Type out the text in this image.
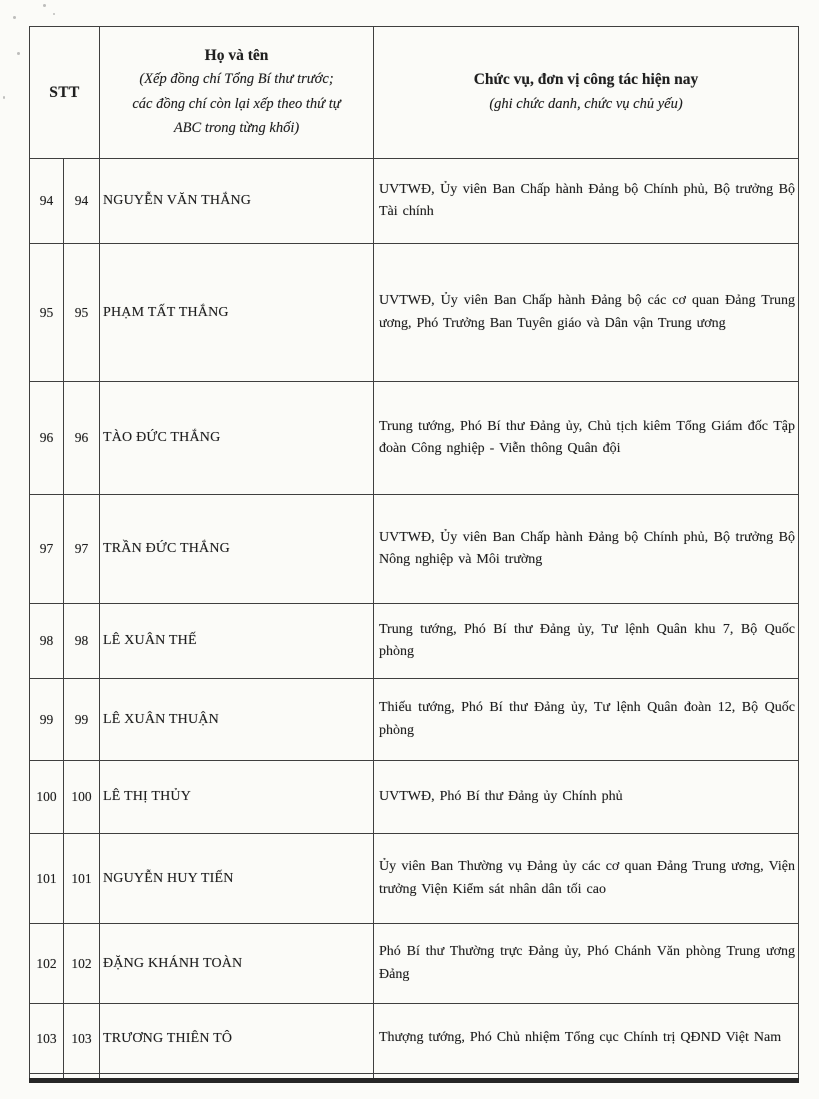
STT

Họ và tên
(Xếp đồng chí Tổng Bí thư trước;
các đồng chí còn lại xếp theo thứ tự
ABC trong từng khối)

Chức vụ, đơn vị công tác hiện nay
(ghi chức danh, chức vụ chủ yếu)

94	94	NGUYỄN VĂN THẮNG	UVTWĐ, Ủy viên Ban Chấp hành Đảng bộ Chính phủ, Bộ trưởng Bộ Tài chính
95	95	PHẠM TẤT THẮNG	UVTWĐ, Ủy viên Ban Chấp hành Đảng bộ các cơ quan Đảng Trung ương, Phó Trưởng Ban Tuyên giáo và Dân vận Trung ương
96	96	TÀO ĐỨC THẮNG	Trung tướng, Phó Bí thư Đảng ủy, Chủ tịch kiêm Tổng Giám đốc Tập đoàn Công nghiệp - Viễn thông Quân đội
97	97	TRẦN ĐỨC THẮNG	UVTWĐ, Ủy viên Ban Chấp hành Đảng bộ Chính phủ, Bộ trưởng Bộ Nông nghiệp và Môi trường
98	98	LÊ XUÂN THẾ	Trung tướng, Phó Bí thư Đảng ủy, Tư lệnh Quân khu 7, Bộ Quốc phòng
99	99	LÊ XUÂN THUẬN	Thiếu tướng, Phó Bí thư Đảng ủy, Tư lệnh Quân đoàn 12, Bộ Quốc phòng
100	100	LÊ THỊ THỦY	UVTWĐ, Phó Bí thư Đảng ủy Chính phủ
101	101	NGUYỄN HUY TIẾN	Ủy viên Ban Thường vụ Đảng ủy các cơ quan Đảng Trung ương, Viện trưởng Viện Kiểm sát nhân dân tối cao
102	102	ĐẶNG KHÁNH TOÀN	Phó Bí thư Thường trực Đảng ủy, Phó Chánh Văn phòng Trung ương Đảng
103	103	TRƯƠNG THIÊN TÔ	Thượng tướng, Phó Chủ nhiệm Tổng cục Chính trị QĐND Việt Nam
